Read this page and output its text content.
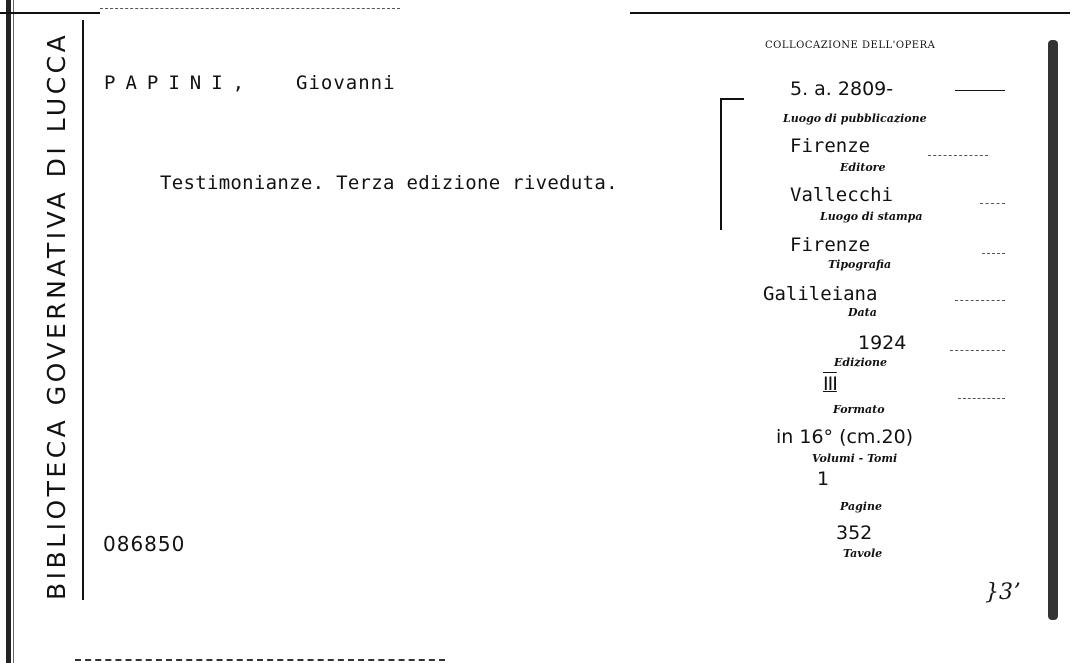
BIBLIOTECA GOVERNATIVA DI LUCCA PAPINI,	Giovanni
Testimonianze. Terza edizione riveduta.
086850
COLLOCAZIONE DELL'OPERA
5. a. 2809-
Luogo di pubblicazione
Firenze
Editore
Vallecchi
Luogo di stampa
Firenze
Tipografia
Galileiana
Data
1924
Edizione
III
Formato
in 16° (cm.20)
Volumi - Tomi
1
Pagine
352
Tavole
}3ʼ
